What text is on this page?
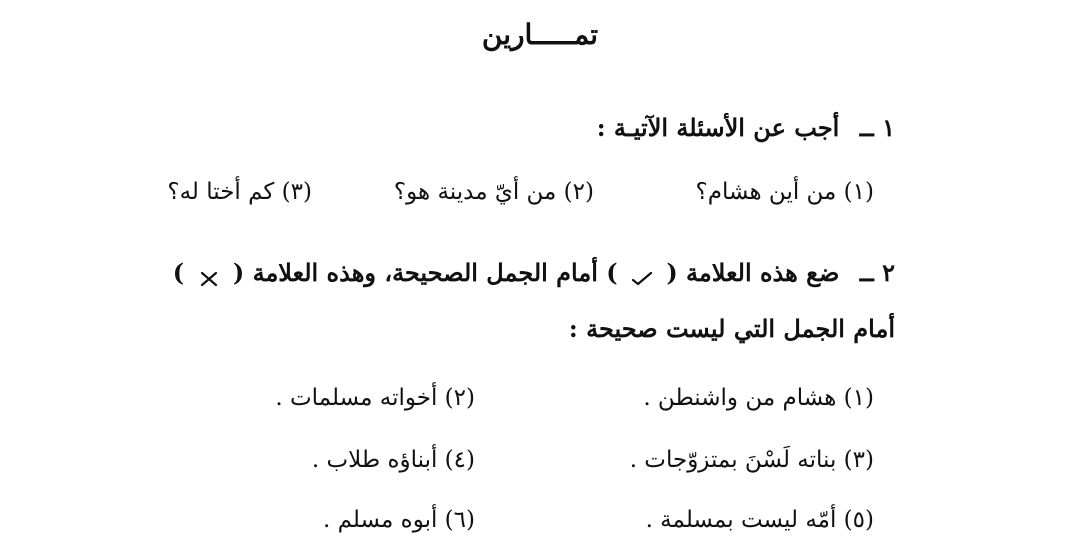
تمـــــارين
١ ــ أجب عن الأسئلة الآتيـة :
(١) من أين هشام؟
(٢) من أيّ مدينة هو؟
(٣) كم أختا له؟
٢ ــ ضع هذه العلامة (  ) أمام الجمل الصحيحة، وهذه العلامة (  )
أمام الجمل التي ليست صحيحة :
(١) هشام من واشنطن .
(٢) أخواته مسلمات .
(٣) بناته لَسْنَ بمتزوّجات .
(٤) أبناؤه طلاب .
(٥) أمّه ليست بمسلمة .
(٦) أبوه مسلم .
